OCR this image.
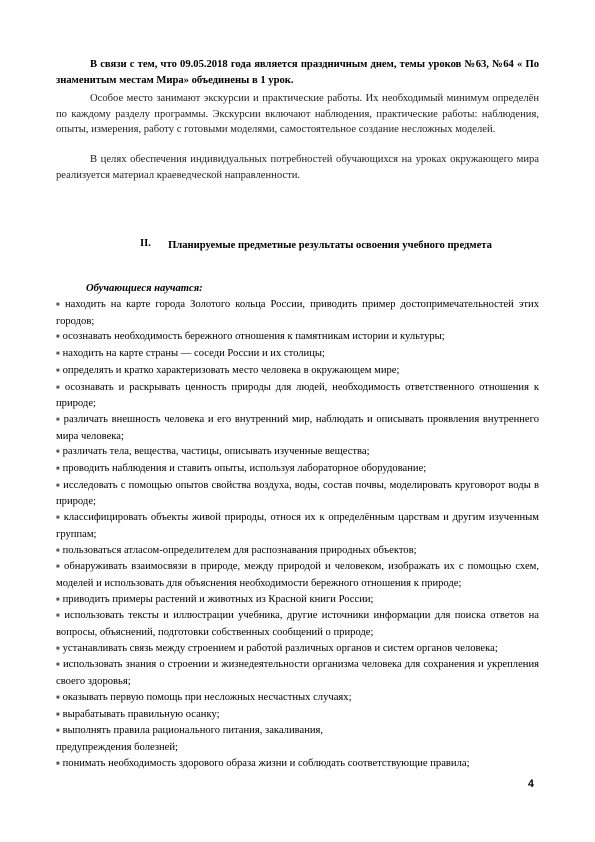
В связи с тем, что 09.05.2018 года является праздничным днем, темы уроков №63, №64 « По знаменитым местам Мира» объединены в 1 урок.
Особое место занимают экскурсии и практические работы. Их необходимый минимум определён по каждому разделу программы. Экскурсии включают наблюдения, практические работы: наблюдения, опыты, измерения, работу с готовыми моделями, самостоятельное создание несложных моделей.
В целях обеспечения индивидуальных потребностей обучающихся на уроках окружающего мира реализуется материал краеведческой направленности.
II. Планируемые предметные результаты освоения учебного предмета
Обучающиеся научатся:
■ находить на карте города Золотого кольца России, приводить пример достопримечательностей этих городов;
■ осознавать необходимость бережного отношения к памятникам истории и культуры;
■ находить на карте страны — соседи России и их столицы;
■ определять и кратко характеризовать место человека в окружающем мире;
■ осознавать и раскрывать ценность природы для людей, необходимость ответственного отношения к природе;
■ различать внешность человека и его внутренний мир, наблюдать и описывать проявления внутреннего мира человека;
■ различать тела, вещества, частицы, описывать изученные вещества;
■ проводить наблюдения и ставить опыты, используя лабораторное оборудование;
■ исследовать с помощью опытов свойства воздуха, воды, состав почвы, моделировать круговорот воды в природе;
■ классифицировать объекты живой природы, относя их к определённым царствам и другим изученным группам;
■ пользоваться атласом-определителем для распознавания природных объектов;
■ обнаруживать взаимосвязи в природе, между природой и человеком, изображать их с помощью схем, моделей и использовать для объяснения необходимости бережного отношения к природе;
■ приводить примеры растений и животных из Красной книги России;
■ использовать тексты и иллюстрации учебника, другие источники информации для поиска ответов на вопросы, объяснений, подготовки собственных сообщений о природе;
■ устанавливать связь между строением и работой различных органов и систем органов человека;
■ использовать знания о строении и жизнедеятельности организма человека для сохранения и укрепления своего здоровья;
■ оказывать первую помощь при несложных несчастных случаях;
■ вырабатывать правильную осанку;
■ выполнять правила рационального питания, закаливания,
предупреждения болезней;
■ понимать необходимость здорового образа жизни и соблюдать соответствующие правила;
4
